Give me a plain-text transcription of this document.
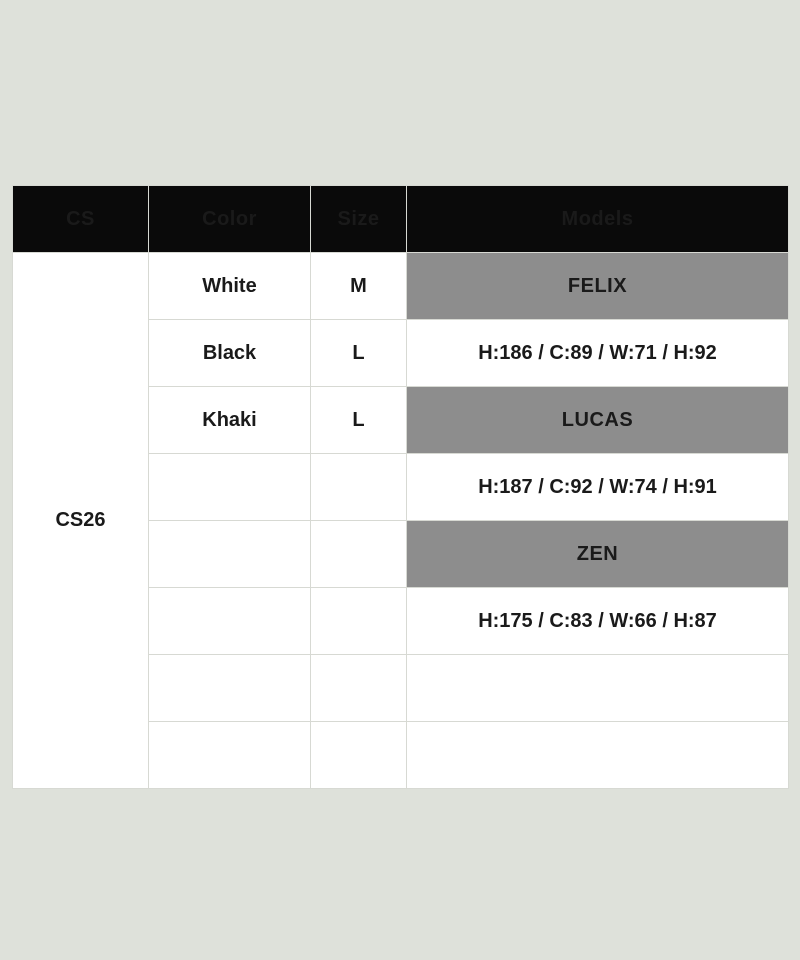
CS	Color	Size	Models
CS26	White	M	FELIX
	Black	L	H:186 / C:89 / W:71 / H:92
	Khaki	L	LUCAS
			H:187 / C:92 / W:74 / H:91
			ZEN
			H:175 / C:83 / W:66 / H:87
